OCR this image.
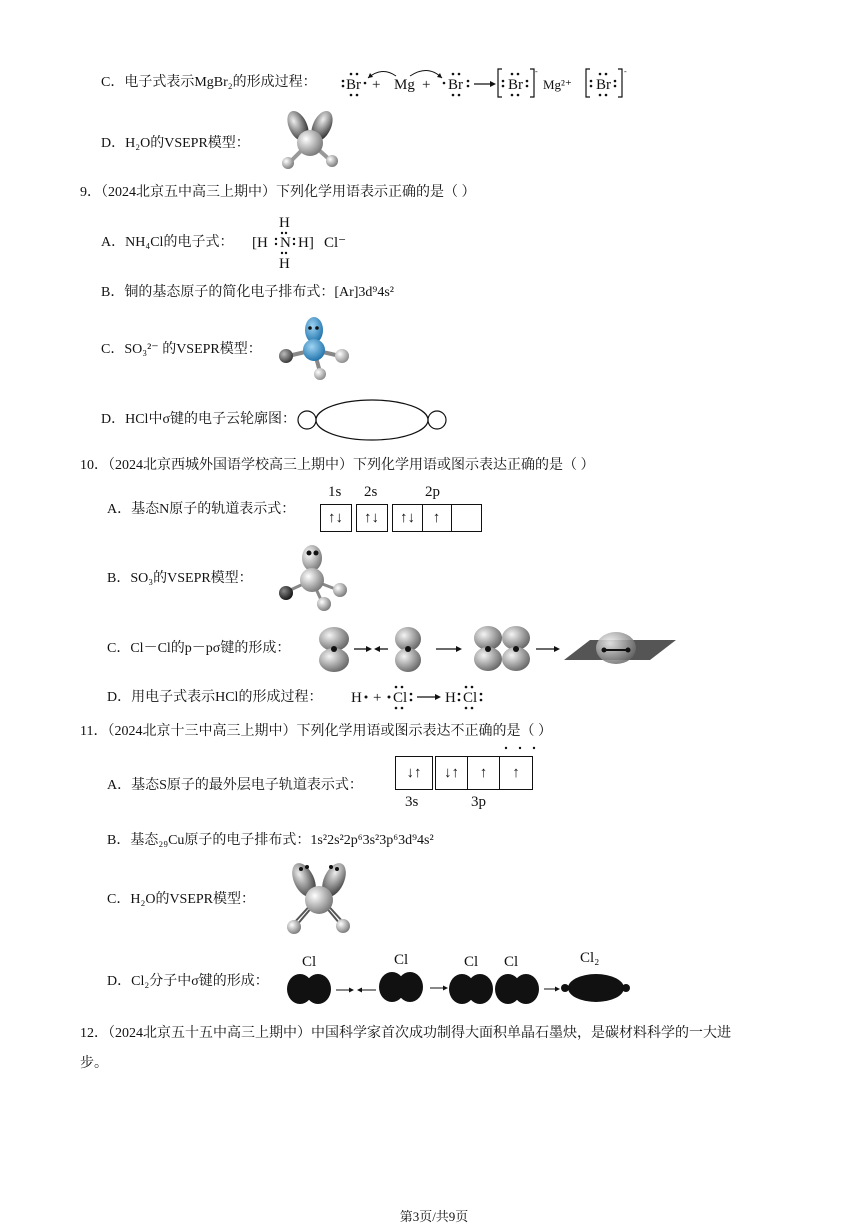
C．电子式表示MgBr₂的形成过程： Br + Mg + Br	Br
-
Mg²⁺ Br
-
D．H₂O的VSEPR模型：
9．（2024北京五中高三上期中）下列化学用语表示正确的是（ ）
A．NH₄Cl的电子式：
H
[H N H]
H
Cl⁻
B．铜的基态原子的简化电子排布式：[Ar]3d⁹4s²
C．SO₃²⁻ 的VSEPR模型：
D．HCl中σ键的电子云轮廓图：
10．（2024北京西城外国语学校高三上期中）下列化学用语或图示表达正确的是（ ）
A．基态N原子的轨道表示式：
1s 2s	2p
↑↓	↑↓	↑↓	↑
B．SO₃的VSEPR模型：
C．Cl－Cl的p－pσ键的形成：
D．用电子式表示HCl的形成过程： H + Cl	H Cl
11．（2024北京十三中高三上期中）下列化学用语或图示表达不正确的是（ ）
A．基态S原子的最外层电子轨道表示式：
↓↑	↓↑	↑	↑
3s	3p
B．基态₂₉Cu原子的电子排布式：1s²2s²2p⁶3s²3p⁶3d⁹4s²
C．H₂O的VSEPR模型：
D．Cl₂分子中σ键的形成：
Cl	Cl	Cl Cl	Cl₂
12．（2024北京五十五中高三上期中）中国科学家首次成功制得大面积单晶石墨炔，是碳材料科学的一大进
步。
第3页/共9页
